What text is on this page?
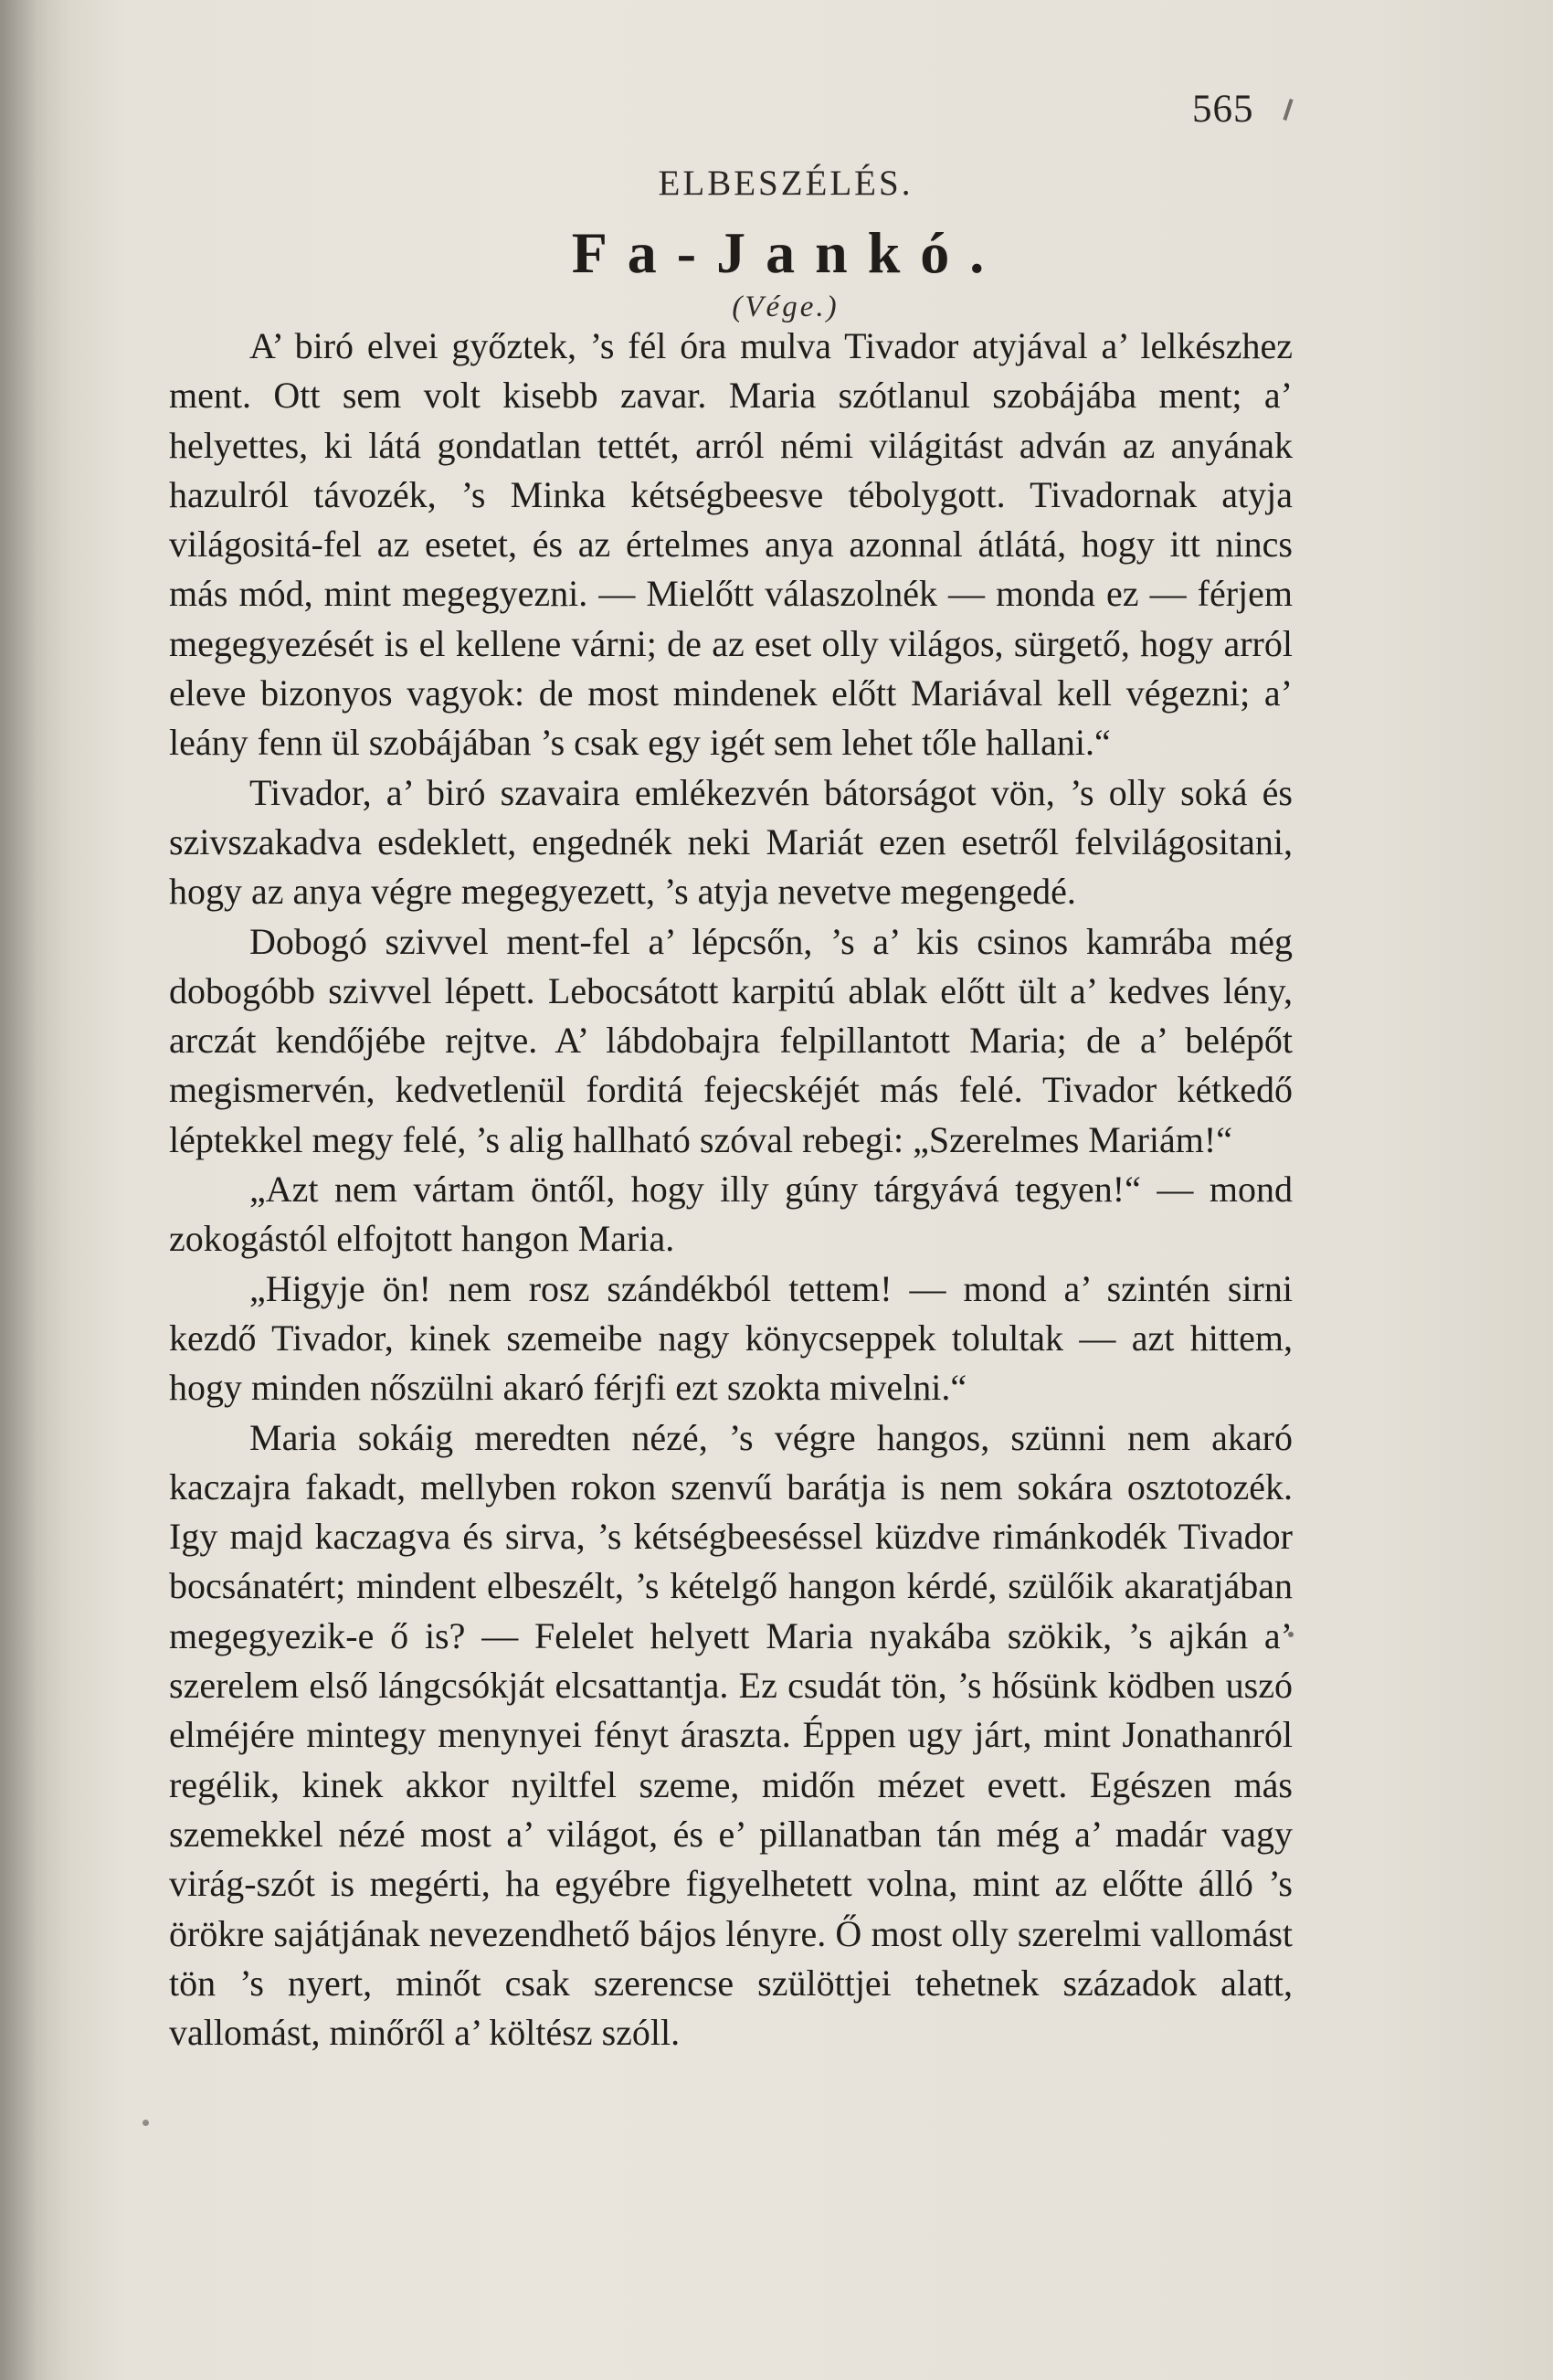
565
ELBESZÉLÉS.
Fa-Jankó.
(Vége.)

A’ biró elvei győztek, ’s fél óra mulva Tivador atyjával a’ lelkészhez ment. Ott sem volt kisebb zavar. Maria szótlanul szobájába ment; a’ helyettes, ki látá gondatlan tettét, arról némi világitást adván az anyának hazulról távozék, ’s Minka kétségbeesve tébolygott. Tivadornak atyja világositá-fel az esetet, és az értelmes anya azonnal átlátá, hogy itt nincs más mód, mint megegyezni. — Mielőtt válaszolnék — monda ez — férjem megegyezését is el kellene várni; de az eset olly világos, sürgető, hogy arról eleve bizonyos vagyok: de most mindenek előtt Mariával kell végezni; a’ leány fenn ül szobájában ’s csak egy igét sem lehet tőle hallani.“

Tivador, a’ biró szavaira emlékezvén bátorságot vön, ’s olly soká és szivszakadva esdeklett, engednék neki Mariát ezen esetről felvilágositani, hogy az anya végre megegyezett, ’s atyja nevetve megengedé.

Dobogó szivvel ment-fel a’ lépcsőn, ’s a’ kis csinos kamrába még dobogóbb szivvel lépett. Lebocsátott karpitú ablak előtt ült a’ kedves lény, arczát kendőjébe rejtve. A’ lábdobajra felpillantott Maria; de a’ belépőt megismervén, kedvetlenül forditá fejecskéjét más felé. Tivador kétkedő léptekkel megy felé, ’s alig hallható szóval rebegi: „Szerelmes Mariám!“

„Azt nem vártam öntől, hogy illy gúny tárgyává tegyen!“ — mond zokogástól elfojtott hangon Maria.

„Higyje ön! nem rosz szándékból tettem! — mond a’ szintén sirni kezdő Tivador, kinek szemeibe nagy könycseppek tolultak — azt hittem, hogy minden nőszülni akaró férjfi ezt szokta mivelni.“

Maria sokáig meredten nézé, ’s végre hangos, szünni nem akaró kaczajra fakadt, mellyben rokon szenvű barátja is nem sokára osztotozék. Igy majd kaczagva és sirva, ’s kétségbeeséssel küzdve rimánkodék Tivador bocsánatért; mindent elbeszélt, ’s kételgő hangon kérdé, szülőik akaratjában megegyezik-e ő is? — Felelet helyett Maria nyakába szökik, ’s ajkán a’ szerelem első lángcsókját elcsattantja. Ez csudát tön, ’s hősünk ködben uszó elméjére mintegy menynyei fényt áraszta. Éppen ugy járt, mint Jonathanról regélik, kinek akkor nyiltfel szeme, midőn mézet evett. Egészen más szemekkel nézé most a’ világot, és e’ pillanatban tán még a’ madár vagy virág-szót is megérti, ha egyébre figyelhetett volna, mint az előtte álló ’s örökre sajátjának nevezendhető bájos lényre. Ő most olly szerelmi vallomást tön ’s nyert, minőt csak szerencse szülöttjei tehetnek századok alatt, vallomást, minőről a’ költész szóll.
